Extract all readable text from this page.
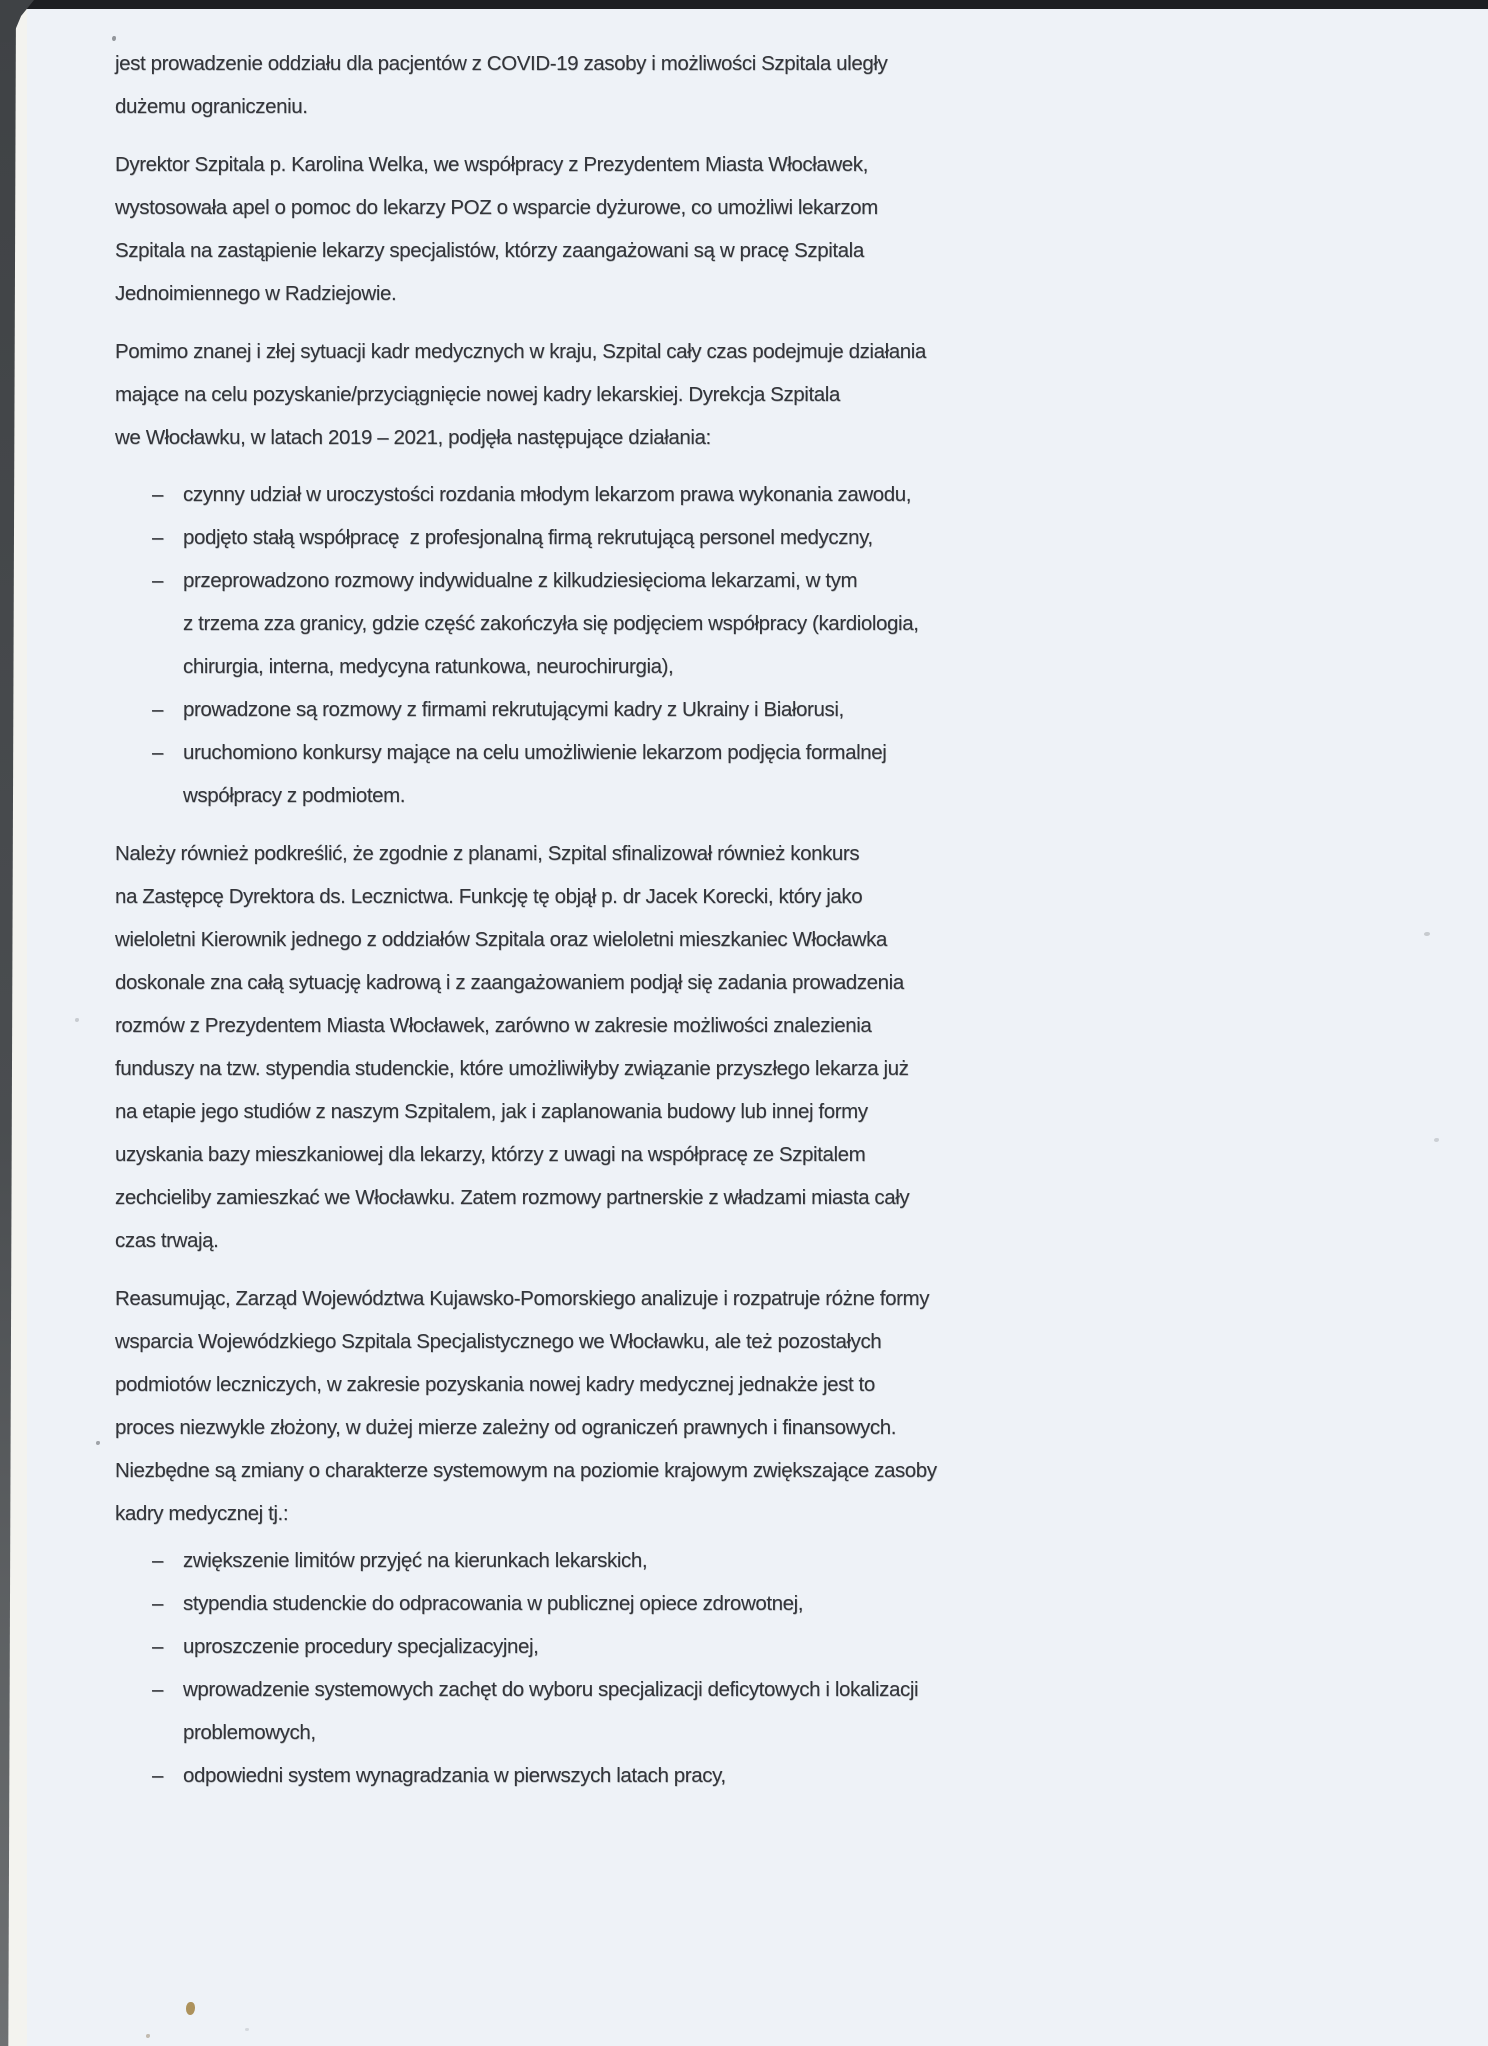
jest prowadzenie oddziału dla pacjentów z COVID-19 zasoby i możliwości Szpitala uległy
dużemu ograniczeniu.
Dyrektor Szpitala p. Karolina Welka, we współpracy z Prezydentem Miasta Włocławek,
wystosowała apel o pomoc do lekarzy POZ o wsparcie dyżurowe, co umożliwi lekarzom
Szpitala na zastąpienie lekarzy specjalistów, którzy zaangażowani są w pracę Szpitala
Jednoimiennego w Radziejowie.
Pomimo znanej i złej sytuacji kadr medycznych w kraju, Szpital cały czas podejmuje działania
mające na celu pozyskanie/przyciągnięcie nowej kadry lekarskiej. Dyrekcja Szpitala
we Włocławku, w latach 2019 – 2021, podjęła następujące działania:
– czynny udział w uroczystości rozdania młodym lekarzom prawa wykonania zawodu,
– podjęto stałą współpracę  z profesjonalną firmą rekrutującą personel medyczny,
– przeprowadzono rozmowy indywidualne z kilkudziesięcioma lekarzami, w tym
z trzema zza granicy, gdzie część zakończyła się podjęciem współpracy (kardiologia,
chirurgia, interna, medycyna ratunkowa, neurochirurgia),
– prowadzone są rozmowy z firmami rekrutującymi kadry z Ukrainy i Białorusi,
– uruchomiono konkursy mające na celu umożliwienie lekarzom podjęcia formalnej
współpracy z podmiotem.
Należy również podkreślić, że zgodnie z planami, Szpital sfinalizował również konkurs
na Zastępcę Dyrektora ds. Lecznictwa. Funkcję tę objął p. dr Jacek Korecki, który jako
wieloletni Kierownik jednego z oddziałów Szpitala oraz wieloletni mieszkaniec Włocławka
doskonale zna całą sytuację kadrową i z zaangażowaniem podjął się zadania prowadzenia
rozmów z Prezydentem Miasta Włocławek, zarówno w zakresie możliwości znalezienia
funduszy na tzw. stypendia studenckie, które umożliwiłyby związanie przyszłego lekarza już
na etapie jego studiów z naszym Szpitalem, jak i zaplanowania budowy lub innej formy
uzyskania bazy mieszkaniowej dla lekarzy, którzy z uwagi na współpracę ze Szpitalem
zechcieliby zamieszkać we Włocławku. Zatem rozmowy partnerskie z władzami miasta cały
czas trwają.
Reasumując, Zarząd Województwa Kujawsko-Pomorskiego analizuje i rozpatruje różne formy
wsparcia Wojewódzkiego Szpitala Specjalistycznego we Włocławku, ale też pozostałych
podmiotów leczniczych, w zakresie pozyskania nowej kadry medycznej jednakże jest to
proces niezwykle złożony, w dużej mierze zależny od ograniczeń prawnych i finansowych.
Niezbędne są zmiany o charakterze systemowym na poziomie krajowym zwiększające zasoby
kadry medycznej tj.:
– zwiększenie limitów przyjęć na kierunkach lekarskich,
– stypendia studenckie do odpracowania w publicznej opiece zdrowotnej,
– uproszczenie procedury specjalizacyjnej,
– wprowadzenie systemowych zachęt do wyboru specjalizacji deficytowych i lokalizacji
problemowych,
– odpowiedni system wynagradzania w pierwszych latach pracy,
